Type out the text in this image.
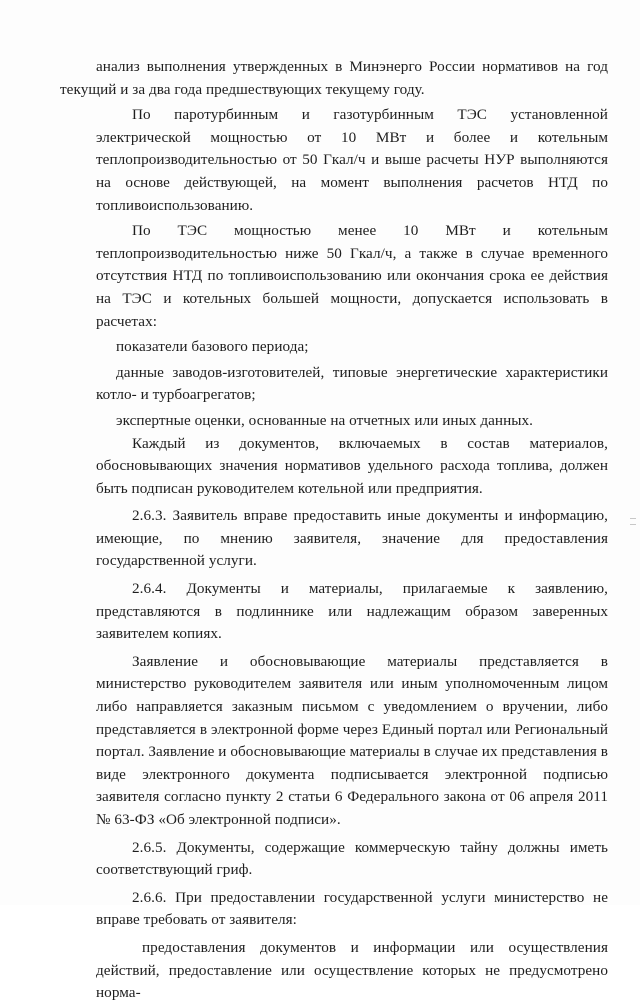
анализ выполнения утвержденных в Минэнерго России нормативов на год текущий и за два года предшествующих текущему году.

По паротурбинным и газотурбинным ТЭС установленной электрической мощностью от 10 МВт и более и котельным теплопроизводительностью от 50 Гкал/ч и выше расчеты НУР выполняются на основе действующей, на момент выполнения расчетов НТД по топливоиспользованию.

По ТЭС мощностью менее 10 МВт и котельным теплопроизводительностью ниже 50 Гкал/ч, а также в случае временного отсутствия НТД по топливоиспользованию или окончания срока ее действия на ТЭС и котельных большей мощности, допускается использовать в расчетах:

показатели базового периода;

данные заводов-изготовителей, типовые энергетические характеристики котло- и турбоагрегатов;

экспертные оценки, основанные на отчетных или иных данных.

Каждый из документов, включаемых в состав материалов, обосновывающих значения нормативов удельного расхода топлива, должен быть подписан руководителем котельной или предприятия.

2.6.3. Заявитель вправе предоставить иные документы и информацию, имеющие, по мнению заявителя, значение для предоставления государственной услуги.

2.6.4. Документы и материалы, прилагаемые к заявлению, представляются в подлиннике или надлежащим образом заверенных заявителем копиях.

Заявление и обосновывающие материалы представляется в министерство руководителем заявителя или иным уполномоченным лицом либо направляется заказным письмом с уведомлением о вручении, либо представляется в электронной форме через Единый портал или Региональный портал. Заявление и обосновывающие материалы в случае их представления в виде электронного документа подписывается электронной подписью заявителя согласно пункту 2 статьи 6 Федерального закона от 06 апреля 2011 № 63-ФЗ «Об электронной подписи».

2.6.5. Документы, содержащие коммерческую тайну должны иметь соответствующий гриф.

2.6.6. При предоставлении государственной услуги министерство не вправе требовать от заявителя:

предоставления документов и информации или осуществления действий, предоставление или осуществление которых не предусмотрено норма-
